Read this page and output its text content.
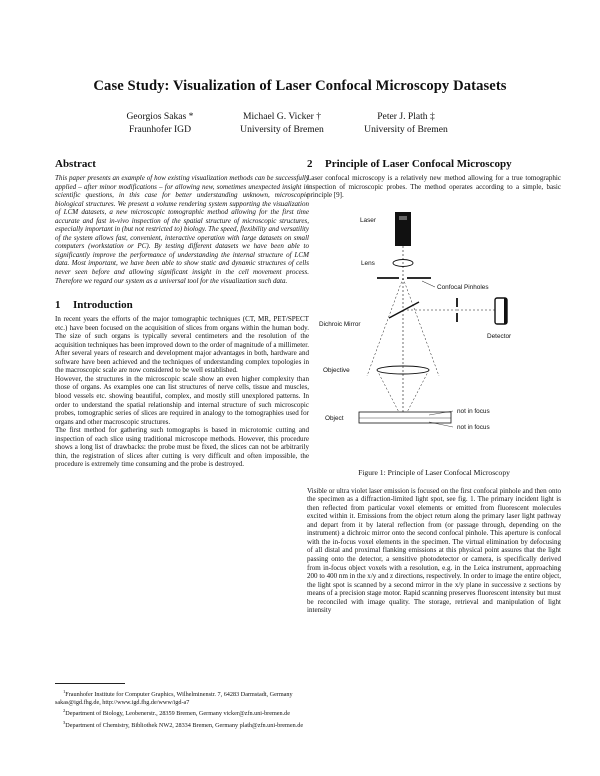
Case Study: Visualization of Laser Confocal Microscopy Datasets
Georgios Sakas *
Fraunhofer IGD
Michael G. Vicker †
University of Bremen
Peter J. Plath ‡
University of Bremen
Abstract

This paper presents an example of how existing visualization methods can be successfully applied – after minor modifications – for allowing new, sometimes unexpected insight in scientific questions, in this case for better understanding unknown, microscopic biological structures. We present a volume rendering system supporting the visualization of LCM datasets, a new microscopic tomographic method allowing for the first time accurate and fast in-vivo inspection of the spatial structure of microscopic structures, especially important in (but not restricted to) biology. The speed, flexibility and versatility of the system allows fast, convenient, interactive operation with large datasets on small computers (workstation or PC). By testing different datasets we have been able to significantly improve the performance of understanding the internal structure of LCM data. Most important, we have been able to show static and dynamic structures of cells never seen before and allowing significant insight in the cell movement process. Therefore we regard our system as a universal tool for the visualization such data.

1 Introduction

In recent years the efforts of the major tomographic techniques (CT, MR, PET/SPECT etc.) have been focused on the acquisition of slices from organs within the human body. The size of such organs is typically several centimeters and the resolution of the acquisition techniques has been improved down to the order of magnitude of a millimeter. After several years of research and development major advantages in both, hardware and software have been achieved and the techniques of understanding complex topologies in the macroscopic scale are now considered to be well established.

However, the structures in the microscopic scale show an even higher complexity than those of organs. As examples one can list structures of nerve cells, tissue and muscles, blood vessels etc. showing beautiful, complex, and mostly still unexplored patterns. In order to understand the spatial relationship and internal structure of such microscopic probes, tomographic series of slices are required in analogy to the tomographies used for organs and other macroscopic structures.

The first method for gathering such tomographs is based in microtomic cutting and inspection of each slice using traditional microscope methods. However, this procedure shows a long list of drawbacks: the probe must be fixed, the slices can not be arbitrarily thin, the registration of slices after cutting is very difficult and often impossible, the procedure is extremely time consuming and the probe is destroyed.

$^1$Fraunhofer Institute for Computer Graphics, Wilhelminenstr. 7, 64283 Darmstadt, Germany sakas@igd.fhg.de, http://www.igd.fhg.de/www/igd-a7

$^2$Department of Biology, Leobenerstr., 28359 Bremen, Germany vicker@zfn.uni-bremen.de

$^3$Department of Chemistry, Bibliothek NW2, 28334 Bremen, Germany plath@zfn.uni-bremen.de

2 Principle of Laser Confocal Microscopy

Laser confocal microscopy is a relatively new method allowing for a true tomographic inspection of microscopic probes. The method operates according to a simple, basic principle [9].

Laser
Lens
Confocal Pinholes
Dichroic Mirror
Detector
Objective
Object
not in focus
not in focus
Figure 1: Principle of Laser Confocal Microscopy

Visible or ultra violet laser emission is focused on the first confocal pinhole and then onto the specimen as a diffraction-limited light spot, see fig. 1. The primary incident light is then reflected from particular voxel elements or emitted from fluorescent molecules excited within it. Emissions from the object return along the primary laser light pathway and depart from it by lateral reflection from (or passage through, depending on the instrument) a dichroic mirror onto the second confocal pinhole. This aperture is confocal with the in-focus voxel elements in the specimen. The virtual elimination by defocusing of all distal and proximal flanking emissions at this physical point assures that the light passing onto the detector, a sensitive photodetector or camera, is specifically derived from in-focus object voxels with a resolution, e.g. in the Leica instrument, approaching 200 to 400 nm in the x/y and z directions, respectively. In order to image the entire object, the light spot is scanned by a second mirror in the x/y plane in successive z sections by means of a precision stage motor. Rapid scanning preserves fluorescent intensity but must be reconciled with image quality. The storage, retrieval and manipulation of light intensity
